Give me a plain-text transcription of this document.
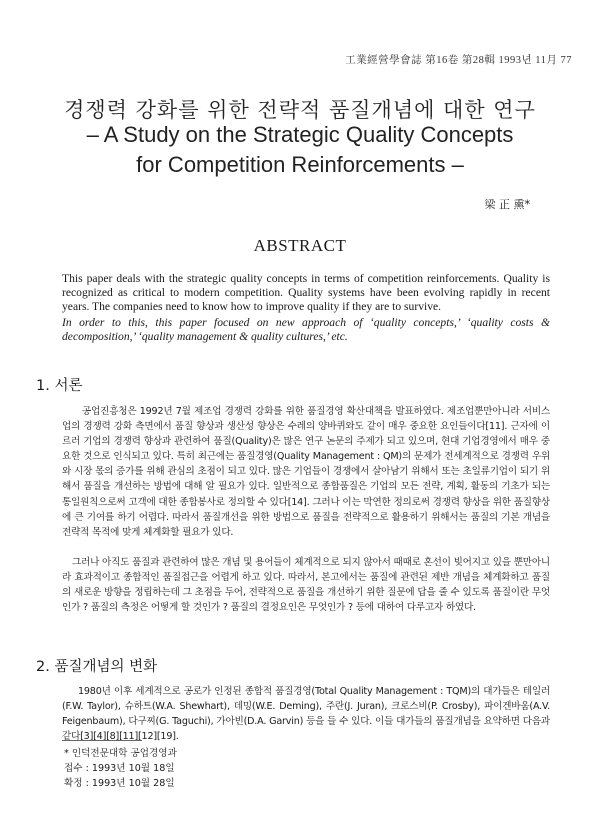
工業經營學會誌 第16卷 第28輯 1993년 11月 77
경쟁력 강화를 위한 전략적 품질개념에 대한 연구
– A Study on the Strategic Quality Concepts
for Competition Reinforcements –
梁 正 熏*
ABSTRACT
This paper deals with the strategic quality concepts in terms of competition reinforcements. Quality is recognized as critical to modern competition. Quality systems have been evolving rapidly in recent years. The companies need to know how to improve quality if they are to survive.
In order to this, this paper focused on new approach of ‘quality concepts,’ ‘quality costs & decomposition,’ ‘quality management & quality cultures,’ etc.
1. 서론
공업진흥청은 1992년 7월 제조업 경쟁력 강화를 위한 품질경영 확산대책을 발표하였다. 제조업뿐만아니라 서비스업의 경쟁력 강화 측면에서 품질 향상과 생산성 향상은 수레의 양바퀴와도 같이 매우 중요한 요인들이다[11]. 근자에 이르러 기업의 경쟁력 향상과 관련하여 품질(Quality)은 많은 연구 논문의 주제가 되고 있으며, 현대 기업경영에서 매우 중요한 것으로 인식되고 있다. 특히 최근에는 품질경영(Quality Management : QM)의 문제가 전세계적으로 경쟁력 우위와 시장 몫의 증가를 위해 관심의 초점이 되고 있다. 많은 기업들이 경쟁에서 살아남기 위해서 또는 초일류기업이 되기 위해서 품질을 개선하는 방법에 대해 알 필요가 있다. 일반적으로 종합품질은 기업의 모든 전략, 계획, 활동의 기초가 되는 통일원칙으로써 고객에 대한 종합봉사로 정의할 수 있다[14]. 그러나 이는 막연한 정의로써 경쟁력 향상을 위한 품질향상에 큰 기여를 하기 어렵다. 따라서 품질개선을 위한 방법으로 품질을 전략적으로 활용하기 위해서는 품질의 기본 개념을 전략적 목적에 맞게 체계화할 필요가 있다.
그러나 아직도 품질과 관련하여 많은 개념 및 용어들이 체계적으로 되지 않아서 때때로 혼선이 빚어지고 있을 뿐만아니라 효과적이고 종합적인 품질접근을 어렵게 하고 있다. 따라서, 본고에서는 품질에 관련된 제반 개념을 체계화하고 품질의 새로운 방향을 정립하는데 그 초점을 두어, 전략적으로 품질을 개선하기 위한 질문에 답을 줄 수 있도록 품질이란 무엇인가 ? 품질의 측정은 어떻게 할 것인가 ? 품질의 결정요인은 무엇인가 ? 등에 대하여 다루고자 하였다.
2. 품질개념의 변화
1980년 이후 세계적으로 공로가 인정된 종합적 품질경영(Total Quality Management : TQM)의 대가들은 테일러(F.W. Taylor), 슈하트(W.A. Shewhart), 데밍(W.E. Deming), 주란(J. Juran), 크로스비(P. Crosby), 파이겐바움(A.V. Feigenbaum), 다구찌(G. Taguchi), 가아빈(D.A. Garvin) 등을 들 수 있다. 이들 대가들의 품질개념을 요약하면 다음과 같다[3][4][8][11][12][19].
* 인덕전문대학 공업경영과
접수 : 1993년 10월 18일
확정 : 1993년 10월 28일
